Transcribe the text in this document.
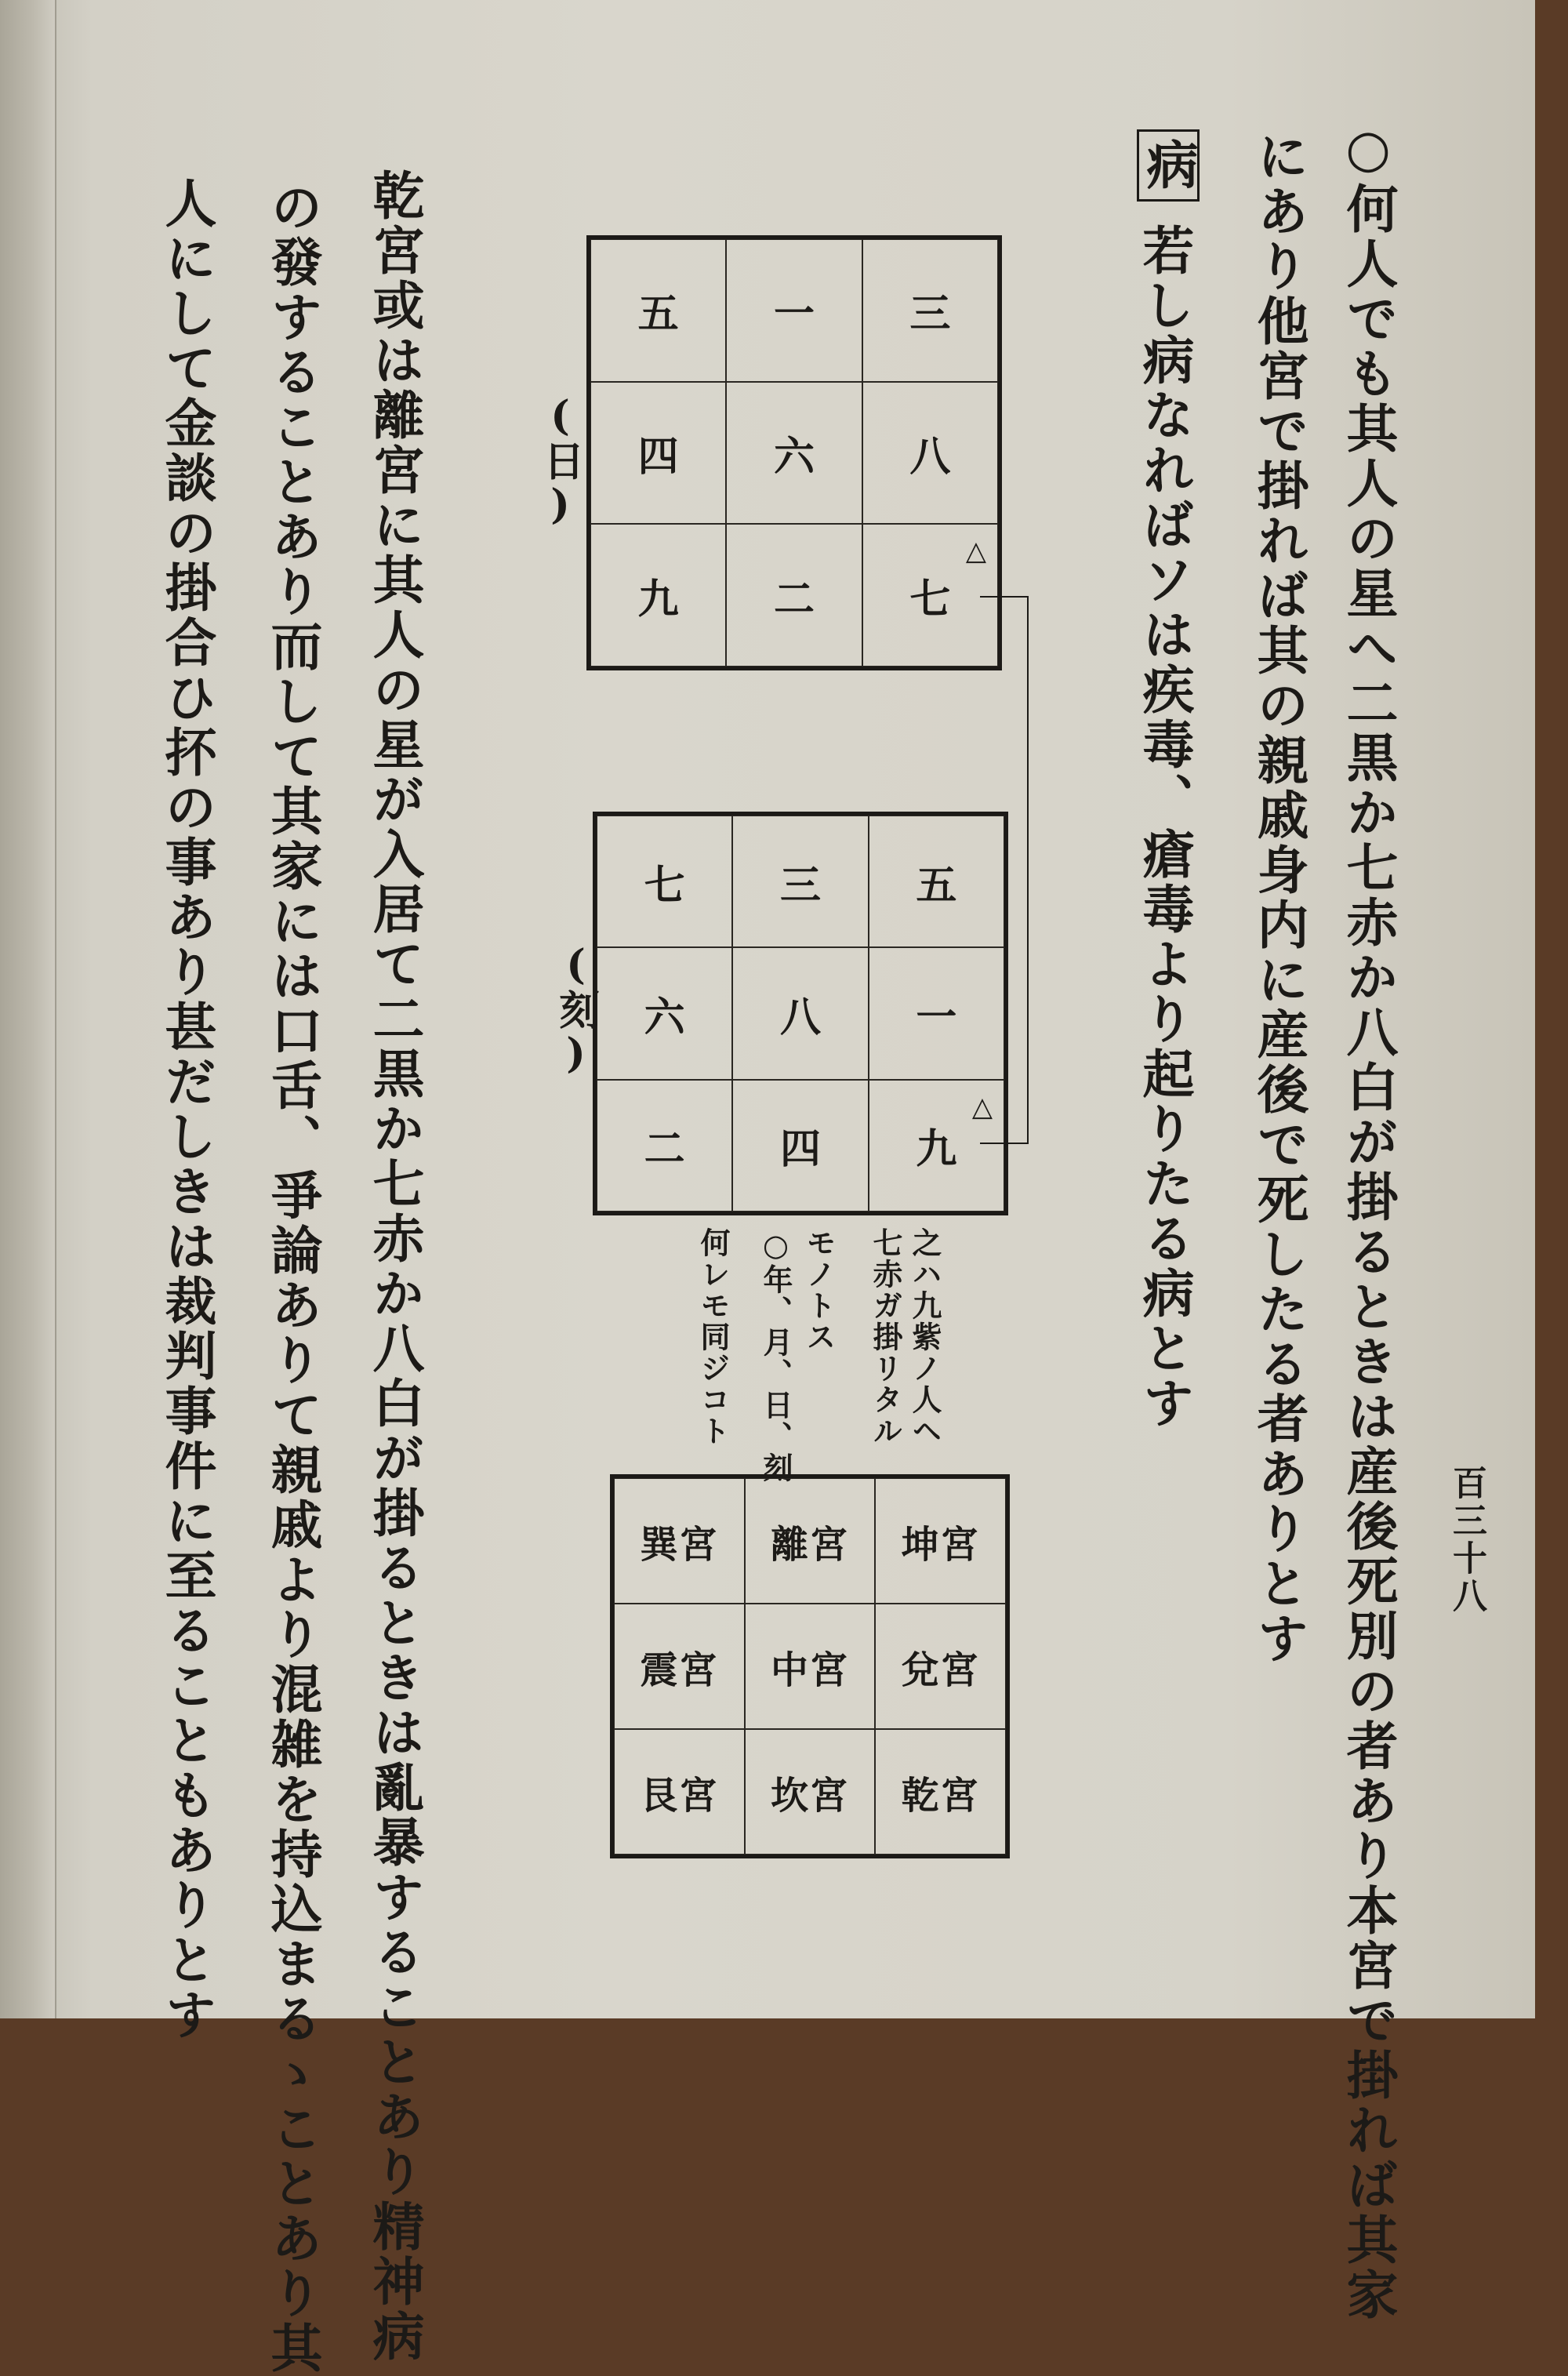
百三十八
○何人でも其人の星へ二黒か七赤か八白が掛るときは産後死別の者あり本宮で掛れば其家
にあり他宮で掛れば其の親戚身内に産後で死したる者ありとす
病
若し病なればソは疾毒、瘡毒より起りたる病とす
五	一	三
四	六	八
九	二	七
△
(日)
七	三	五
六	八	一
二	四	九
△
(刻)
之ハ九紫ノ人ヘ
七赤ガ掛リタル
モノトス
○年、月、日、刻
何レモ同ジコト
巽宮	離宮	坤宮
震宮	中宮	兌宮
艮宮	坎宮	乾宮
乾宮或は離宮に其人の星が入居て二黒か七赤か八白が掛るときは亂暴することあり精神病
の發することあり而して其家には口舌、爭論ありて親戚より混雑を持込まるゝことあり其
人にして金談の掛合ひ抔の事あり甚だしきは裁判事件に至ることもありとす
